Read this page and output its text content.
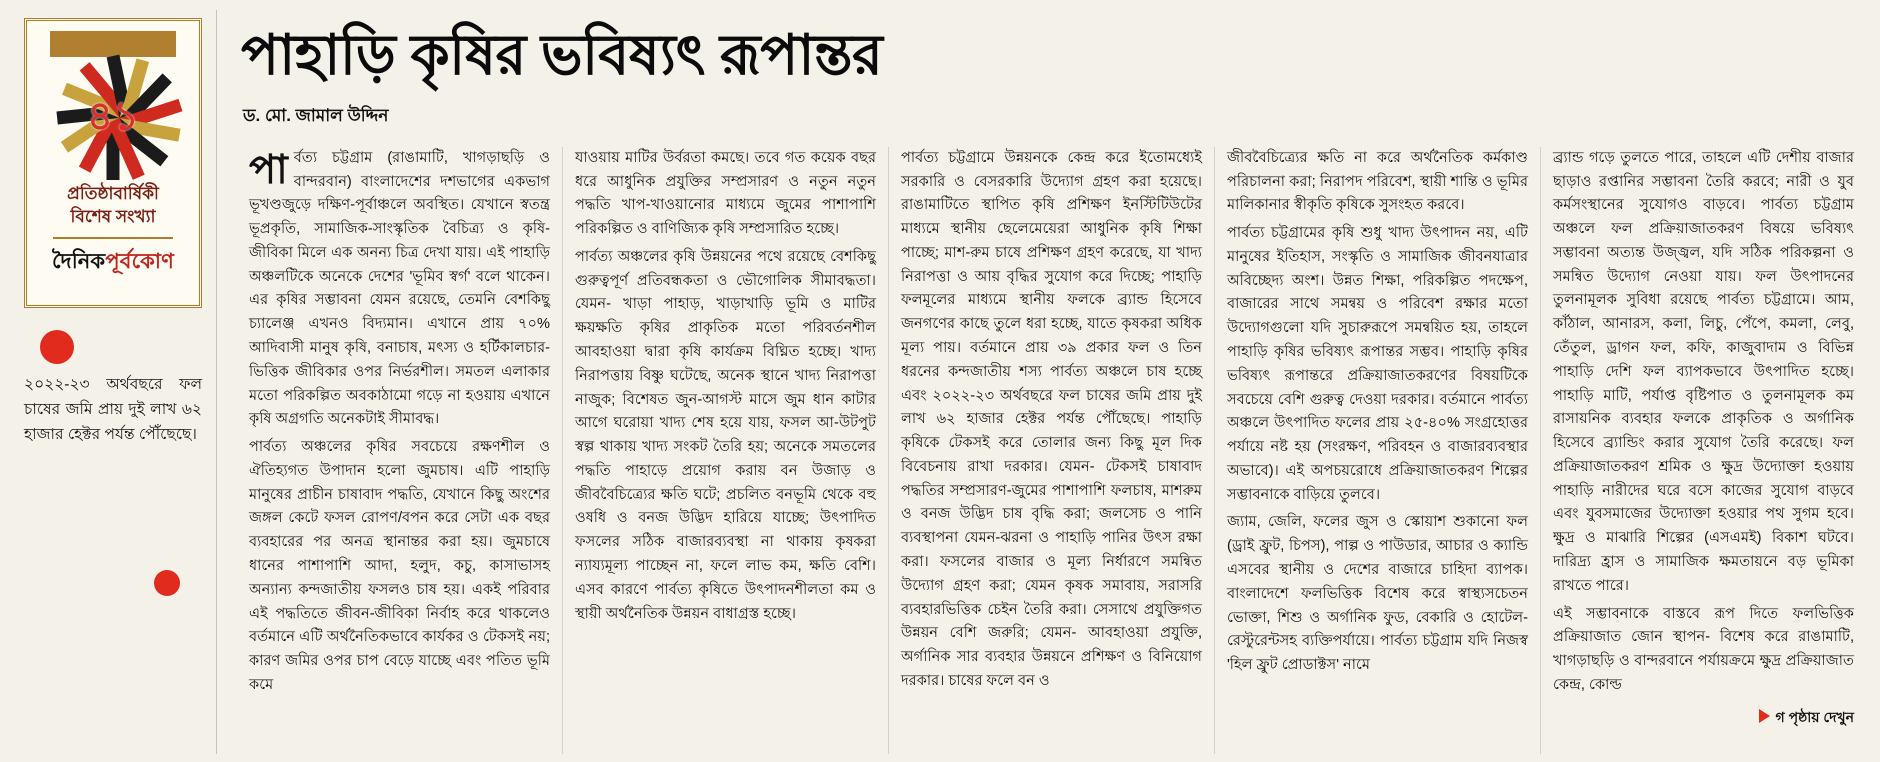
৪১
প্রতিষ্ঠাবার্ষিকী
বিশেষ সংখ্যা
দৈনিকপূর্বকোণ
২০২২-২৩ অর্থবছরে ফল চাষের জমি প্রায় দুই লাখ ৬২ হাজার হেক্টর পর্যন্ত পৌঁছেছে।
পাহাড়ি কৃষির ভবিষ্যৎ রূপান্তর
ড. মো. জামাল উদ্দিন

পার্বত্য চট্টগ্রাম (রাঙামাটি, খাগড়াছড়ি ও বান্দরবান) বাংলাদেশের দশভাগের একভাগ ভূখণ্ডজুড়ে দক্ষিণ-পূর্বাঞ্চলে অবস্থিত। যেখানে স্বতন্ত্র ভূপ্রকৃতি, সামাজিক-সাংস্কৃতিক বৈচিত্র্য ও কৃষি-জীবিকা মিলে এক অনন্য চিত্র দেখা যায়। এই পাহাড়ি অঞ্চলটিকে অনেকে দেশের 'ভূমিব স্বর্গ' বলে থাকেন। এর কৃষির সম্ভাবনা যেমন রয়েছে, তেমনি বেশকিছু চ্যালেঞ্জ এখনও বিদ্যমান। এখানে প্রায় ৭০% আদিবাসী মানুষ কৃষি, বনাচাষ, মৎস্য ও হর্টিকালচার-ভিত্তিক জীবিকার ওপর নির্ভরশীল। সমতল এলাকার মতো পরিকল্পিত অবকাঠামো গড়ে না হওয়ায় এখানে কৃষি অগ্রগতি অনেকটাই সীমাবদ্ধ।

পার্বত্য অঞ্চলের কৃষির সবচেয়ে রক্ষণশীল ও ঐতিহ্যগত উপাদান হলো জুমচাষ। এটি পাহাড়ি মানুষের প্রাচীন চাষাবাদ পদ্ধতি, যেখানে কিছু অংশের জঙ্গল কেটে ফসল রোপণ/বপন করে সেটা এক বছর ব্যবহারের পর অনত্র স্থানান্তর করা হয়। জুমচাষে ধানের পাশাপাশি আদা, হলুদ, কচু, কাসাভাসহ অন্যান্য কন্দজাতীয় ফসলও চাষ হয়। একই পরিবার এই পদ্ধতিতে জীবন-জীবিকা নির্বাহ করে থাকলেও বর্তমানে এটি অর্থনৈতিকভাবে কার্যকর ও টেকসই নয়; কারণ জমির ওপর চাপ বেড়ে যাচ্ছে এবং পতিত ভূমি কমে

যাওয়ায় মাটির উর্বরতা কমছে। তবে গত কয়েক বছর ধরে আধুনিক প্রযুক্তির সম্প্রসারণ ও নতুন নতুন পদ্ধতি খাপ-খাওয়ানোর মাধ্যমে জুমের পাশাপাশি পরিকল্পিত ও বাণিজ্যিক কৃষি সম্প্রসারিত হচ্ছে।

পার্বত্য অঞ্চলের কৃষি উন্নয়নের পথে রয়েছে বেশকিছু গুরুত্বপূর্ণ প্রতিবন্ধকতা ও ভৌগোলিক সীমাবদ্ধতা। যেমন- খাড়া পাহাড়, খাড়াখাড়ি ভূমি ও মাটির ক্ষয়ক্ষতি কৃষির প্রাকৃতিক মতো পরিবর্তনশীল আবহাওয়া দ্বারা কৃষি কার্যক্রম বিঘ্নিত হচ্ছে। খাদ্য নিরাপত্তায় বিষ্ণু ঘটেছে, অনেক স্থানে খাদ্য নিরাপত্তা নাজুক; বিশেষত জুন-আগস্ট মাসে জুম ধান কাটার আগে ঘরোয়া খাদ্য শেষ হয়ে যায়, ফসল আ-উটপুট স্বল্প থাকায় খাদ্য সংকট তৈরি হয়; অনেকে সমতলের পদ্ধতি পাহাড়ে প্রয়োগ করায় বন উজাড় ও জীববৈচিত্র্যের ক্ষতি ঘটে; প্রচলিত বনভূমি থেকে বহু ওষধি ও বনজ উদ্ভিদ হারিয়ে যাচ্ছে; উৎপাদিত ফসলের সঠিক বাজারব্যবস্থা না থাকায় কৃষকরা ন্যায্যমূল্য পাচ্ছেন না, ফলে লাভ কম, ক্ষতি বেশি। এসব কারণে পার্বত্য কৃষিতে উৎপাদনশীলতা কম ও স্থায়ী অর্থনৈতিক উন্নয়ন বাধাগ্রস্ত হচ্ছে।

পার্বত্য চট্টগ্রামে উন্নয়নকে কেন্দ্র করে ইতোমধ্যেই সরকারি ও বেসরকারি উদ্যোগ গ্রহণ করা হয়েছে। রাঙামাটিতে স্থাপিত কৃষি প্রশিক্ষণ ইনস্টিটিউটের মাধ্যমে স্থানীয় ছেলেমেয়েরা আধুনিক কৃষি শিক্ষা পাচ্ছে; মাশ-রুম চাষে প্রশিক্ষণ গ্রহণ করেছে, যা খাদ্য নিরাপত্তা ও আয় বৃদ্ধির সুযোগ করে দিচ্ছে; পাহাড়ি ফলমূলের মাধ্যমে স্থানীয় ফলকে ব্র্যান্ড হিসেবে জনগণের কাছে তুলে ধরা হচ্ছে, যাতে কৃষকরা অধিক মূল্য পায়। বর্তমানে প্রায় ৩৯ প্রকার ফল ও তিন ধরনের কন্দজাতীয় শস্য পার্বত্য অঞ্চলে চাষ হচ্ছে এবং ২০২২-২৩ অর্থবছরে ফল চাষের জমি প্রায় দুই লাখ ৬২ হাজার হেক্টর পর্যন্ত পৌঁছেছে। পাহাড়ি কৃষিকে টেকসই করে তোলার জন্য কিছু মূল দিক বিবেচনায় রাখা দরকার। যেমন- টেকসই চাষাবাদ পদ্ধতির সম্প্রসারণ-জুমের পাশাপাশি ফলচাষ, মাশরুম ও বনজ উদ্ভিদ চাষ বৃদ্ধি করা; জলসেচ ও পানি ব্যবস্থাপনা যেমন-ঝরনা ও পাহাড়ি পানির উৎস রক্ষা করা। ফসলের বাজার ও মূল্য নির্ধারণে সমন্বিত উদ্যোগ গ্রহণ করা; যেমন কৃষক সমাবায়, সরাসরি ব্যবহারভিত্তিক চেইন তৈরি করা। সেসাথে প্রযুক্তিগত উন্নয়ন বেশি জরুরি; যেমন- আবহাওয়া প্রযুক্তি, অর্গানিক সার ব্যবহার উন্নয়নে প্রশিক্ষণ ও বিনিয়োগ দরকার। চাষের ফলে বন ও

জীববৈচিত্র্যের ক্ষতি না করে অর্থনৈতিক কর্মকাণ্ড পরিচালনা করা; নিরাপদ পরিবেশ, স্থায়ী শান্তি ও ভূমির মালিকানার স্বীকৃতি কৃষিকে সুসংহত করবে।

পার্বত্য চট্টগ্রামের কৃষি শুধু খাদ্য উৎপাদন নয়, এটি মানুষের ইতিহাস, সংস্কৃতি ও সামাজিক জীবনযাত্রার অবিচ্ছেদ্য অংশ। উন্নত শিক্ষা, পরিকল্পিত পদক্ষেপ, বাজারের সাথে সমন্বয় ও পরিবেশ রক্ষার মতো উদ্যোগগুলো যদি সুচারুরূপে সমন্বয়িত হয়, তাহলে পাহাড়ি কৃষির ভবিষ্যৎ রূপান্তর সম্ভব। পাহাড়ি কৃষির ভবিষ্যৎ রূপান্তরে প্রক্রিয়াজাতকরণের বিষয়টিকে সবচেয়ে বেশি গুরুত্ব দেওয়া দরকার। বর্তমানে পার্বত্য অঞ্চলে উৎপাদিত ফলের প্রায় ২৫-৪০% সংগ্রহোত্তর পর্যায়ে নষ্ট হয় (সংরক্ষণ, পরিবহন ও বাজারব্যবস্থার অভাবে)। এই অপচয়রোধে প্রক্রিয়াজাতকরণ শিল্পের সম্ভাবনাকে বাড়িয়ে তুলবে।

জ্যাম, জেলি, ফলের জুস ও স্কোয়াশ শুকানো ফল (ড্রাই ফ্রুট, চিপস), পাল্প ও পাউডার, আচার ও ক্যান্ডি এসবের স্থানীয় ও দেশের বাজারে চাহিদা ব্যাপক। বাংলাদেশে ফলভিত্তিক বিশেষ করে স্বাস্থ্যসচেতন ভোক্তা, শিশু ও অর্গানিক ফুড, বেকারি ও হোটেল-রেস্টুরেন্টসহ ব্যক্তিপর্যায়ে। পার্বত্য চট্টগ্রাম যদি নিজস্ব 'হিল ফ্রুট প্রোডাক্টস' নামে

ব্র্যান্ড গড়ে তুলতে পারে, তাহলে এটি দেশীয় বাজার ছাড়াও রপ্তানির সম্ভাবনা তৈরি করবে; নারী ও যুব কর্মসংস্থানের সুযোগও বাড়বে। পার্বত্য চট্টগ্রাম অঞ্চলে ফল প্রক্রিয়াজাতকরণ বিষয়ে ভবিষ্যৎ সম্ভাবনা অত্যন্ত উজ্জ্বল, যদি সঠিক পরিকল্পনা ও সমন্বিত উদ্যোগ নেওয়া যায়। ফল উৎপাদনের তুলনামূলক সুবিধা রয়েছে পার্বত্য চট্টগ্রামে। আম, কাঁঠাল, আনারস, কলা, লিচু, পেঁপে, কমলা, লেবু, তেঁতুল, ড্রাগন ফল, কফি, কাজুবাদাম ও বিভিন্ন পাহাড়ি দেশি ফল ব্যাপকভাবে উৎপাদিত হচ্ছে। পাহাড়ি মাটি, পর্যাপ্ত বৃষ্টিপাত ও তুলনামূলক কম রাসায়নিক ব্যবহার ফলকে প্রাকৃতিক ও অর্গানিক হিসেবে ব্র্যান্ডিং করার সুযোগ তৈরি করেছে। ফল প্রক্রিয়াজাতকরণ শ্রমিক ও ক্ষুদ্র উদ্যোক্তা হওয়ায় পাহাড়ি নারীদের ঘরে বসে কাজের সুযোগ বাড়বে এবং যুবসমাজের উদ্যোক্তা হওয়ার পথ সুগম হবে। ক্ষুদ্র ও মাঝারি শিল্পের (এসএমই) বিকাশ ঘটবে। দারিদ্র্য হ্রাস ও সামাজিক ক্ষমতায়নে বড় ভূমিকা রাখতে পারে।

এই সম্ভাবনাকে বাস্তবে রূপ দিতে ফলভিত্তিক প্রক্রিয়াজাত জোন স্থাপন- বিশেষ করে রাঙামাটি, খাগড়াছড়ি ও বান্দরবানে পর্যায়ক্রমে ক্ষুদ্র প্রক্রিয়াজাত কেন্দ্র, কোল্ড

গ পৃষ্ঠায় দেখুন
